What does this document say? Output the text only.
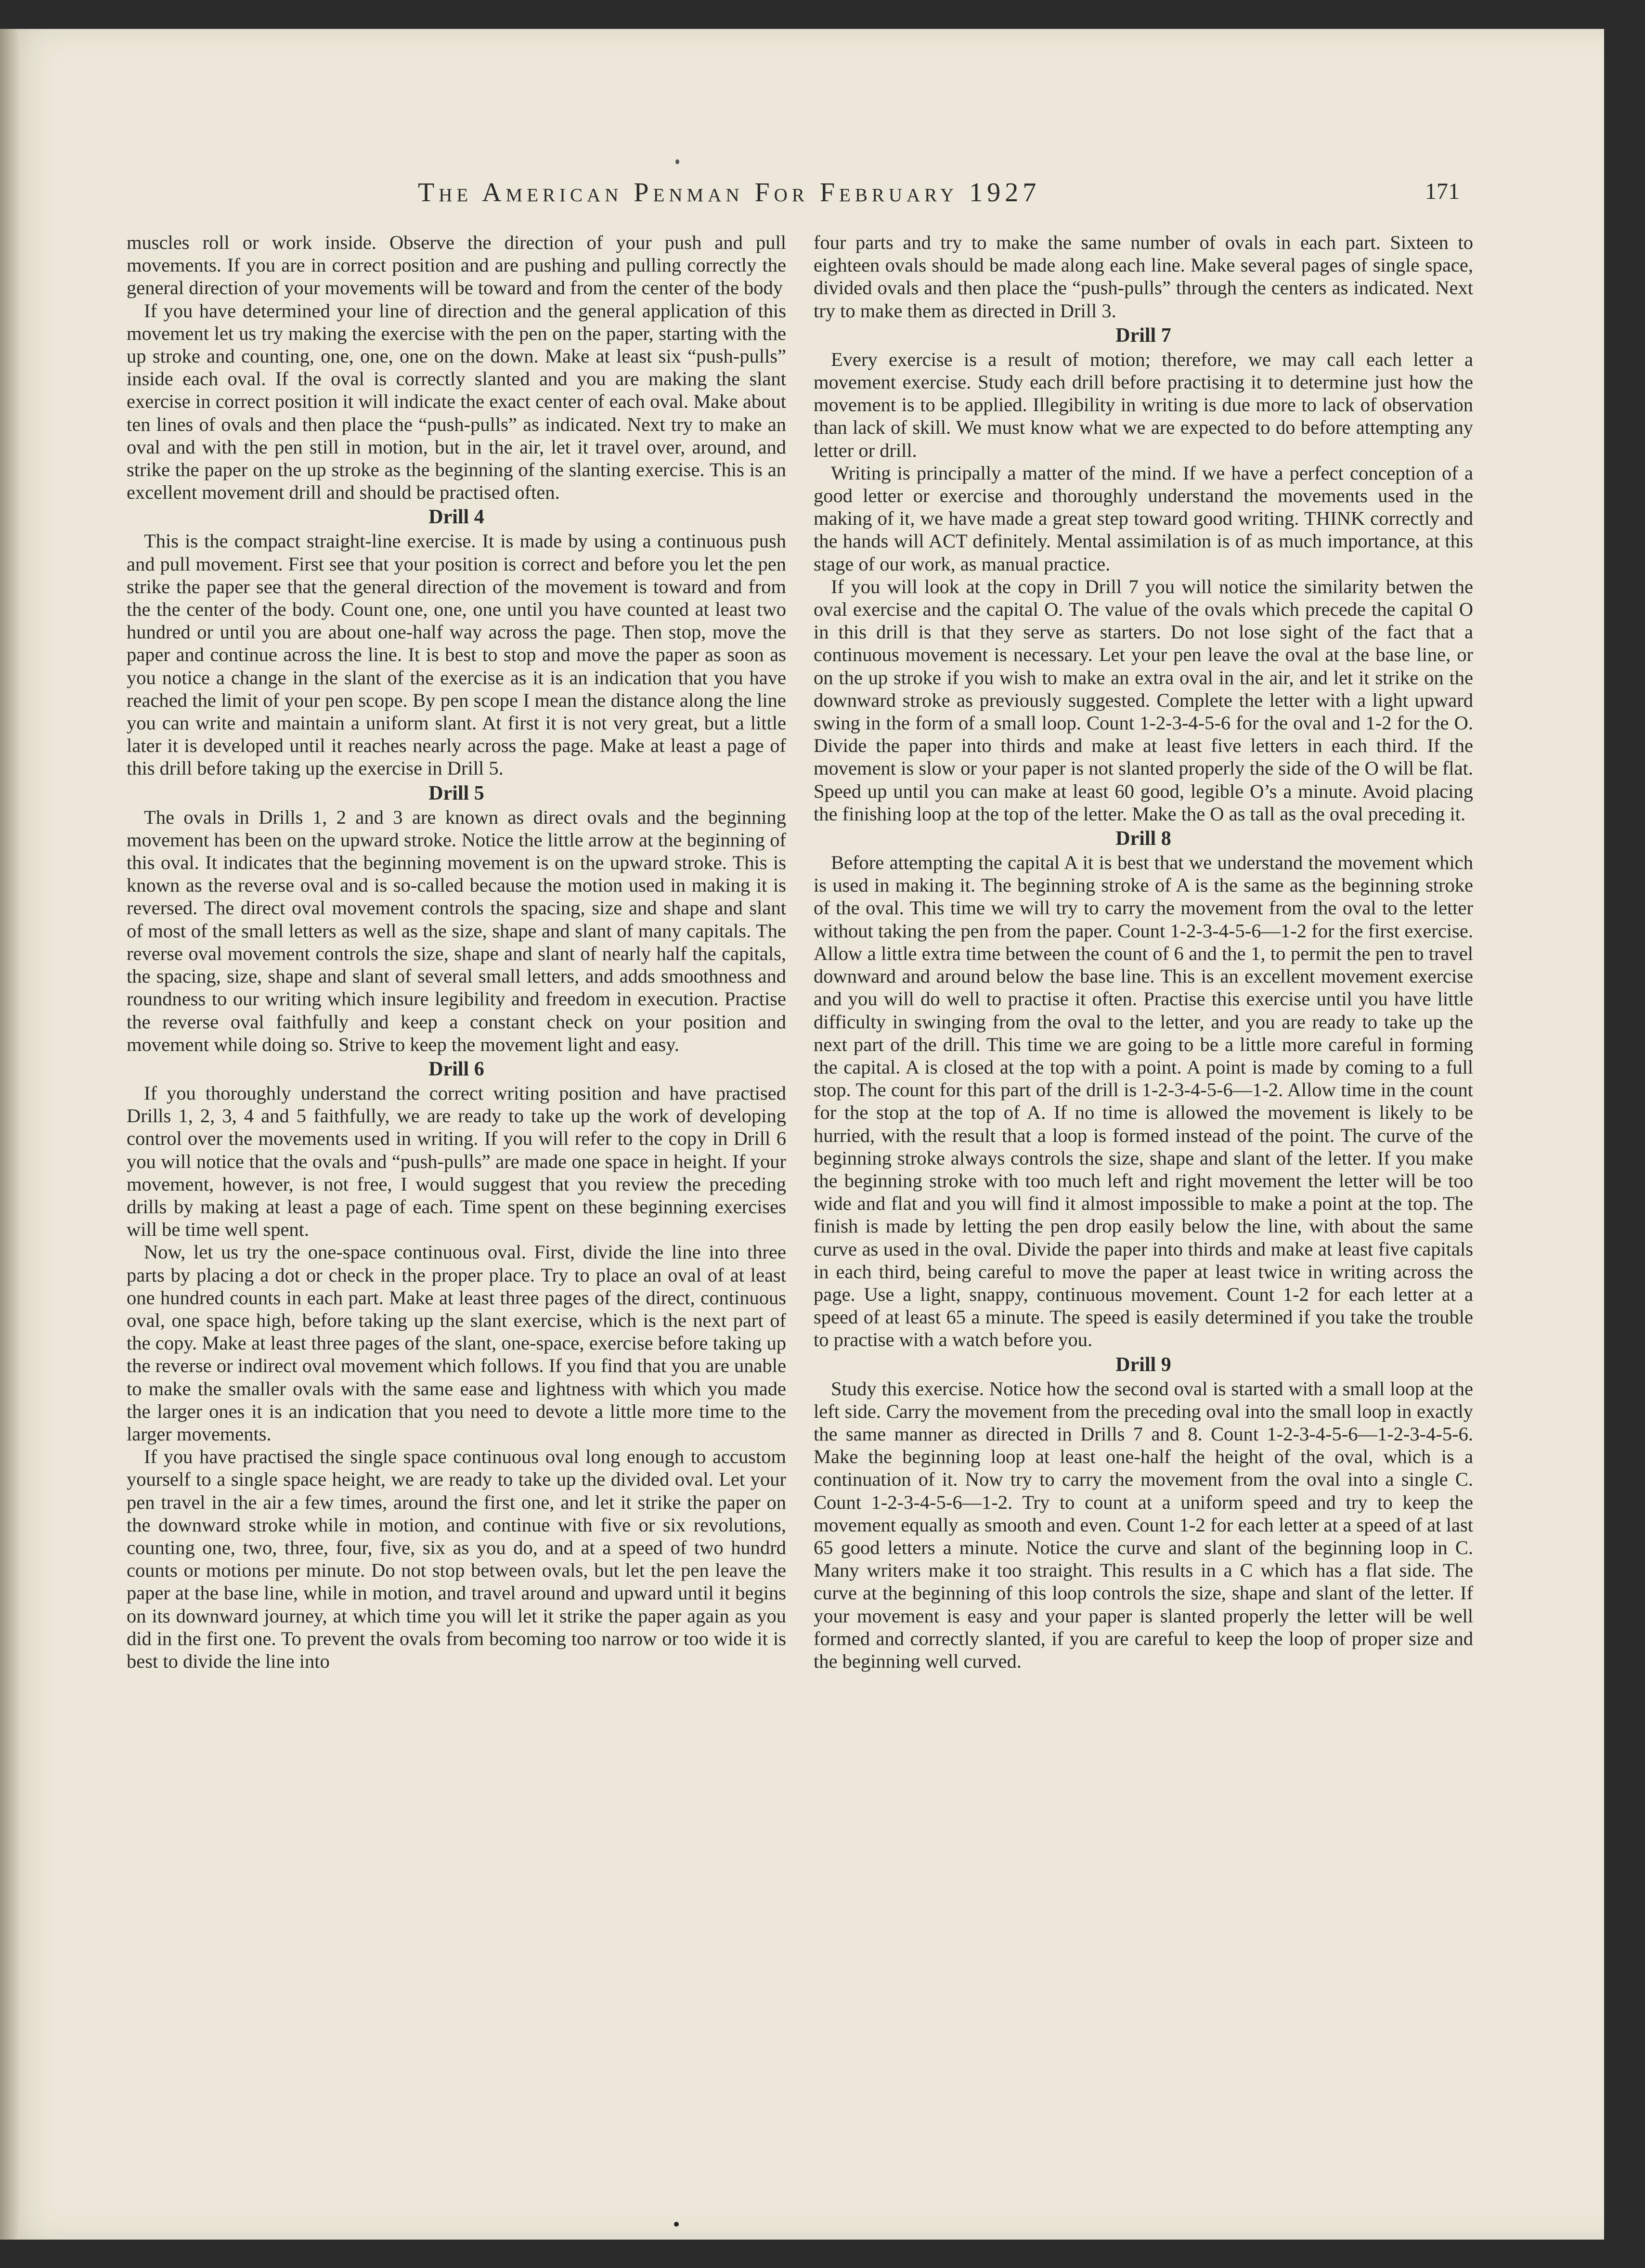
The American Penman For February 1927	171

muscles roll or work inside. Observe the direction of your push and pull movements. If you are in correct position and are pushing and pulling correctly the general direction of your movements will be toward and from the center of the body

If you have determined your line of direction and the general application of this movement let us try making the exercise with the pen on the paper, starting with the up stroke and counting, one, one, one on the down. Make at least six “push-pulls” inside each oval. If the oval is correctly slanted and you are making the slant exercise in correct position it will indicate the exact center of each oval. Make about ten lines of ovals and then place the “push-pulls” as indicated. Next try to make an oval and with the pen still in motion, but in the air, let it travel over, around, and strike the paper on the up stroke as the beginning of the slanting exercise. This is an excellent movement drill and should be practised often.

Drill 4

This is the compact straight-line exercise. It is made by using a continuous push and pull movement. First see that your position is correct and before you let the pen strike the paper see that the general direction of the movement is toward and from the the center of the body. Count one, one, one until you have counted at least two hundred or until you are about one-half way across the page. Then stop, move the paper and continue across the line. It is best to stop and move the paper as soon as you notice a change in the slant of the exercise as it is an indication that you have reached the limit of your pen scope. By pen scope I mean the distance along the line you can write and maintain a uniform slant. At first it is not very great, but a little later it is developed until it reaches nearly across the page. Make at least a page of this drill before taking up the exercise in Drill 5.

Drill 5

The ovals in Drills 1, 2 and 3 are known as direct ovals and the beginning movement has been on the upward stroke. Notice the little arrow at the beginning of this oval. It indicates that the beginning movement is on the upward stroke. This is known as the reverse oval and is so-called because the motion used in making it is reversed. The direct oval movement controls the spacing, size and shape and slant of most of the small letters as well as the size, shape and slant of many capitals. The reverse oval movement controls the size, shape and slant of nearly half the capitals, the spacing, size, shape and slant of several small letters, and adds smoothness and roundness to our writing which insure legibility and freedom in execution. Practise the reverse oval faithfully and keep a constant check on your position and movement while doing so. Strive to keep the movement light and easy.

Drill 6

If you thoroughly understand the correct writing position and have practised Drills 1, 2, 3, 4 and 5 faithfully, we are ready to take up the work of developing control over the movements used in writing. If you will refer to the copy in Drill 6 you will notice that the ovals and “push-pulls” are made one space in height. If your movement, however, is not free, I would suggest that you review the preceding drills by making at least a page of each. Time spent on these beginning exercises will be time well spent.

Now, let us try the one-space continuous oval. First, divide the line into three parts by placing a dot or check in the proper place. Try to place an oval of at least one hundred counts in each part. Make at least three pages of the direct, continuous oval, one space high, before taking up the slant exercise, which is the next part of the copy. Make at least three pages of the slant, one-space, exercise before taking up the reverse or indirect oval movement which follows. If you find that you are unable to make the smaller ovals with the same ease and lightness with which you made the larger ones it is an indication that you need to devote a little more time to the larger movements.

If you have practised the single space continuous oval long enough to accustom yourself to a single space height, we are ready to take up the divided oval. Let your pen travel in the air a few times, around the first one, and let it strike the paper on the downward stroke while in motion, and continue with five or six revolutions, counting one, two, three, four, five, six as you do, and at a speed of two hundrd counts or motions per minute. Do not stop between ovals, but let the pen leave the paper at the base line, while in motion, and travel around and upward until it begins on its downward journey, at which time you will let it strike the paper again as you did in the first one. To prevent the ovals from becoming too narrow or too wide it is best to divide the line into

four parts and try to make the same number of ovals in each part. Sixteen to eighteen ovals should be made along each line. Make several pages of single space, divided ovals and then place the “push-pulls” through the centers as indicated. Next try to make them as directed in Drill 3.

Drill 7

Every exercise is a result of motion; therefore, we may call each letter a movement exercise. Study each drill before practising it to determine just how the movement is to be applied. Illegibility in writing is due more to lack of observation than lack of skill. We must know what we are expected to do before attempting any letter or drill.

Writing is principally a matter of the mind. If we have a perfect conception of a good letter or exercise and thoroughly understand the movements used in the making of it, we have made a great step toward good writing. THINK correctly and the hands will ACT definitely. Mental assimilation is of as much importance, at this stage of our work, as manual practice.

If you will look at the copy in Drill 7 you will notice the similarity betwen the oval exercise and the capital O. The value of the ovals which precede the capital O in this drill is that they serve as starters. Do not lose sight of the fact that a continuous movement is necessary. Let your pen leave the oval at the base line, or on the up stroke if you wish to make an extra oval in the air, and let it strike on the downward stroke as previously suggested. Complete the letter with a light upward swing in the form of a small loop. Count 1-2-3-4-5-6 for the oval and 1-2 for the O. Divide the paper into thirds and make at least five letters in each third. If the movement is slow or your paper is not slanted properly the side of the O will be flat. Speed up until you can make at least 60 good, legible O’s a minute. Avoid placing the finishing loop at the top of the letter. Make the O as tall as the oval preceding it.

Drill 8

Before attempting the capital A it is best that we understand the movement which is used in making it. The beginning stroke of A is the same as the beginning stroke of the oval. This time we will try to carry the movement from the oval to the letter without taking the pen from the paper. Count 1-2-3-4-5-6—1-2 for the first exercise. Allow a little extra time between the count of 6 and the 1, to permit the pen to travel downward and around below the base line. This is an excellent movement exercise and you will do well to practise it often. Practise this exercise until you have little difficulty in swinging from the oval to the letter, and you are ready to take up the next part of the drill. This time we are going to be a little more careful in forming the capital. A is closed at the top with a point. A point is made by coming to a full stop. The count for this part of the drill is 1-2-3-4-5-6—1-2. Allow time in the count for the stop at the top of A. If no time is allowed the movement is likely to be hurried, with the result that a loop is formed instead of the point. The curve of the beginning stroke always controls the size, shape and slant of the letter. If you make the beginning stroke with too much left and right movement the letter will be too wide and flat and you will find it almost impossible to make a point at the top. The finish is made by letting the pen drop easily below the line, with about the same curve as used in the oval. Divide the paper into thirds and make at least five capitals in each third, being careful to move the paper at least twice in writing across the page. Use a light, snappy, continuous movement. Count 1-2 for each letter at a speed of at least 65 a minute. The speed is easily determined if you take the trouble to practise with a watch before you.

Drill 9

Study this exercise. Notice how the second oval is started with a small loop at the left side. Carry the movement from the preceding oval into the small loop in exactly the same manner as directed in Drills 7 and 8. Count 1-2-3-4-5-6—1-2-3-4-5-6. Make the beginning loop at least one-half the height of the oval, which is a continuation of it. Now try to carry the movement from the oval into a single C. Count 1-2-3-4-5-6—1-2. Try to count at a uniform speed and try to keep the movement equally as smooth and even. Count 1-2 for each letter at a speed of at last 65 good letters a minute. Notice the curve and slant of the beginning loop in C. Many writers make it too straight. This results in a C which has a flat side. The curve at the beginning of this loop controls the size, shape and slant of the letter. If your movement is easy and your paper is slanted properly the letter will be well formed and correctly slanted, if you are careful to keep the loop of proper size and the beginning well curved.
